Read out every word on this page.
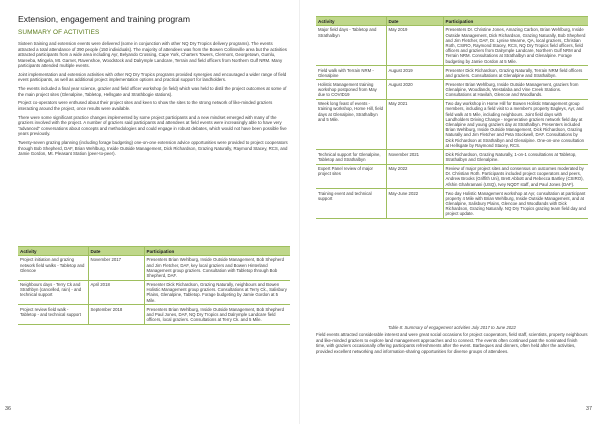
Extension, engagement and training program
SUMMARY OF ACTIVITIES

Sixteen training and extension events were delivered (some in conjunction with other NQ Dry Tropics delivery programs). The events attracted a total attendance of 390 people (150 individuals). The majority of attendees was from the Bowen Collinsville area but the activities attracted participants from a wide area including Ayr, Belyando Crossing, Cape York, Charters Towers, Clermont, Georgetown, Gumlu, Mareeba, Mingela, Mt. Garnet, Ravenshoe, Woodstock and Dalrymple Landcare, Terrain and field officers from Northern Gulf NRM. Many participants attended multiple events.

Joint implementation and extension activities with other NQ Dry Tropics programs provided synergies and encouraged a wider range of field event participants, as well as additional project implementation options and practical support for landholders.

The events included a final year science, grazier and field officer workshop (in field) which was held to distil the project outcomes at some of the main project sites (Glenalpine, Tabletop, Hellsgate and Strathbogie stations).

Project co-operators were enthused about their project sites and keen to show the sites to the strong network of like-minded graziers interacting around the project, once results were available.

There were some significant practice changes implemented by some project participants and a new mindset emerged with many of the graziers involved with the project. A number of graziers said participants and attendees at field events were increasingly able to have very "advanced" conversations about concepts and methodologies and could engage in robust debates, which would not have been possible five years previously.

Twenty-seven grazing planning (including forage budgeting) one-on-one extension advice opportunities were provided to project cooperators through Bob Shepherd, DAF, Brian Wehlburg, Inside Outside Management, Dick Richardson, Grazing Naturally, Raymond Stacey, RCS, and Jamie Gordon, Mt. Pleasant Station (peer-to-peer).

Activity	Date	Participation
Project initiation and grazing network field walks - Tabletop and Glencoe	November 2017	Presenters Brian Wehlburg, Inside Outside Management, Bob Shepherd and Jim Fletcher, DAF, key local graziers and Bowen Hinterland Management group graziers. Consultation with Tabletop through Bob Shepherd, DAF.
Neighbours days - Terry Ck and Strathbyn (cancelled, rain) - and technical support	April 2018	Presenter Dick Richardson, Grazing Naturally, neighbours and Bowen Holistic Management group graziers. Consultations at Terry Ck., Salisbury Plains, Glenalpine, Tabletop. Forage budgeting by Jamie Gordon at 5 Mile.
Project review field walk - Tabletop - and technical support	September 2018	Presenters Brian Wehlburg, Inside Outside Management, Bob Shepherd and Paul Jones, DAF, NQ Dry Tropics and Dalrymple Landcare field officers, local graziers. Consultations at Terry Ck. and 5 Mile.
36
Activity	Date	Participation
Major field days - Tabletop and Strathalbyn	May 2019	Presenters Dr. Christine Jones, Amazing Carbon, Brian Wehlburg, Inside Outside Management, Dick Richardson, Grazing Naturally, Bob Shepherd and Jim Fletcher, DAF, Dr. Lynise Wearne, QA, local graziers, Christian Roth, CSIRO, Raymond Stacey, RCS, NQ Dry Tropics field officers, field officers and graziers from Dalrymple Landcare, Northern Gulf NRM and Terrain NRM. Consultations at Strathalbyn and Glenalpine. Forage budgeting by Jamie Gordon at 5 Mile.
Field walk with Terrain NRM - Glenalpine	August 2019	Presenter Dick Richardson, Grazing Naturally, Terrain NRM field officers and graziers. Consultations at Glenalpine and Strathalbyn.
Holistic Management training workshop postponed from May due to COVID19	August 2020	Presenter Brian Wehlburg, Inside Outside Management, graziers from Glenalpine, Woodlands, Westalaba and Vine Creek Stations. Consultations at Havilah, Glencoe and Woodlands.
Week long feast of events - training workshop, Home Hill, field days at Glenalpine, Strathalbyn and 5 Mile.	May 2021	Two day workshop in Home Hill for Bowen Holistic Management group members, including a field visit to a member's property Eagleys, Ayr, and field walk at 5 Mile, including neighbours. Joint field days with Landholders Driving Change - regenerative graziers network field day at Glenalpine and young graziers day at Strathalbyn. Presenters included Brian Wehlburg, Inside Outside Management, Dick Richardson, Grazing Naturally and Jim Fletcher and Peta Stockwell, DAF. Consultations by Dick Richardson at Strathalbyn and Glenalpine. One-on-one consultation at Hellsgate by Raymond Stacey, RCS.
Technical support for Glenalpine, Tabletop and Strathalbyn	November 2021	Dick Richardson, Grazing Naturally, 1-on-1 consultations at Tabletop, Strathalbyn and Glenalpine.
Expert Panel review of major project sites	May 2022	Review of major project sites and consensus on outcomes moderated by Dr. Christian Roth. Participants included project cooperators and peers, Andrew Brooks (Griffith Uni), Brett Abbott and Rebecca Bartley (CSIRO), Afshin Ghahramani (USQ), Ivey NQDT staff, and Paul Jones (DAF).
Training event and technical support	May-June 2022	Two day Holistic Management workshop at Ayr, consultation at participant property 4 Mile with Brian Wehlburg, Inside Outside Management, and at Glenalpine, Salisbury Plains, Glencoe and Woodlands with Dick Richardson, Grazing Naturally. NQ Dry Tropics grazing team field day and project update.
Table 8: Summary of engagement activities July 2017 to June 2022
Field events attracted considerable interest and were great social occasions for project cooperators, field staff, scientists, property neighbours and like-minded graziers to explore land management approaches and to connect. The events often continued past the nominated finish time, with graziers occasionally offering participants refreshments after the event. Barbeques and dinners, often held after the activities, provided excellent networking and information-sharing opportunities for diverse groups of attendees.
37
